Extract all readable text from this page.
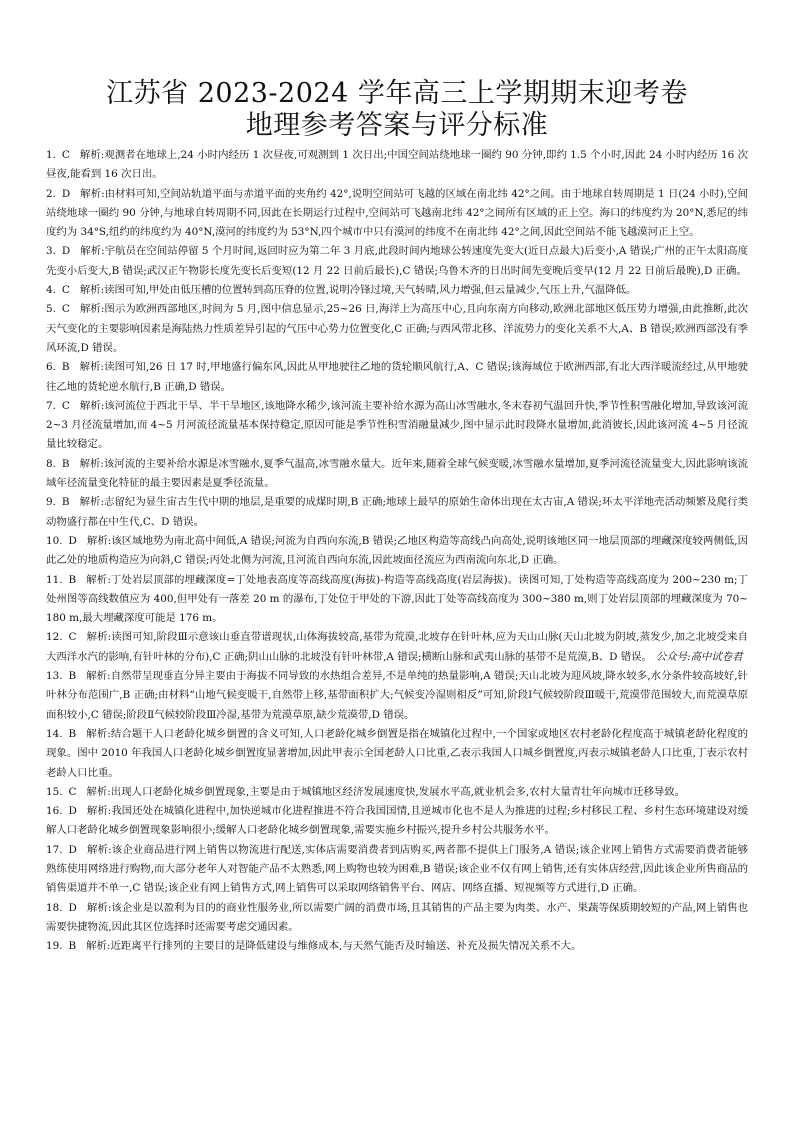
江苏省 2023-2024 学年高三上学期期末迎考卷
地理参考答案与评分标准

1. C 解析:观测者在地球上,24 小时内经历 1 次昼夜,可观测到 1 次日出;中国空间站绕地球一圈约 90 分钟,即约 1.5 个小时,因此 24 小时内经历 16 次昼夜,能看到 16 次日出。

2. D 解析:由材料可知,空间站轨道平面与赤道平面的夹角约 42°,说明空间站可飞越的区域在南北纬 42°之间。由于地球自转周期是 1 日(24 小时),空间站绕地球一圈约 90 分钟,与地球自转周期不同,因此在长期运行过程中,空间站可飞越南北纬 42°之间所有区域的正上空。海口的纬度约为 20°N,悉尼的纬度约为 34°S,纽约的纬度约为 40°N,漠河的纬度约为 53°N,四个城市中只有漠河的纬度不在南北纬 42°之间,因此空间站不能飞越漠河正上空。

3. D 解析:宇航员在空间站停留 5 个月时间,返回时应为第二年 3 月底,此段时间内地球公转速度先变大(近日点最大)后变小,A 错误;广州的正午太阳高度先变小后变大,B 错误;武汉正午物影长度先变长后变短(12 月 22 日前后最长),C 错误;乌鲁木齐的日出时间先变晚后变早(12 月 22 日前后最晚),D 正确。

4. C 解析:读图可知,甲处由低压槽的位置转到高压脊的位置,说明冷锋过境,天气转晴,风力增强,但云量减少,气压上升,气温降低。

5. C 解析:图示为欧洲西部地区,时间为 5 月,图中信息显示,25~26 日,海洋上为高压中心,且向东南方向移动,欧洲北部地区低压势力增强,由此推断,此次天气变化的主要影响因素是海陆热力性质差异引起的气压中心势力位置变化,C 正确;与西风带北移、洋流势力的变化关系不大,A、B 错误;欧洲西部没有季风环流,D 错误。

6. B 解析:读图可知,26 日 17 时,甲地盛行偏东风,因此从甲地驶往乙地的货轮顺风航行,A、C 错误;该海域位于欧洲西部,有北大西洋暖流经过,从甲地驶往乙地的货轮逆水航行,B 正确,D 错误。

7. C 解析:该河流位于西北干旱、半干旱地区,该地降水稀少,该河流主要补给水源为高山冰雪融水,冬末春初气温回升快,季节性积雪融化增加,导致该河流 2~3 月径流量增加,而 4~5 月河流径流量基本保持稳定,原因可能是季节性积雪消融量减少,图中显示此时段降水量增加,此消彼长,因此该河流 4~5 月径流量比较稳定。

8. B 解析:该河流的主要补给水源是冰雪融水,夏季气温高,冰雪融水量大。近年来,随着全球气候变暖,冰雪融水量增加,夏季河流径流量变大,因此影响该流域年径流量变化特征的最主要因素是夏季径流量。

9. B 解析:志留纪为显生宙古生代中期的地层,是重要的成煤时期,B 正确;地球上最早的原始生命体出现在太古宙,A 错误;环太平洋地壳活动频繁及爬行类动物盛行都在中生代,C、D 错误。

10. D 解析:该区域地势为南北高中间低,A 错误;河流为自西向东流,B 错误;乙地区构造等高线凸向高处,说明该地区同一地层顶部的埋藏深度较两侧低,因此乙处的地质构造应为向斜,C 错误;丙处北侧为河流,且河流自西向东流,因此坡面径流应为西南流向东北,D 正确。

11. B 解析:丁处岩层顶部的埋藏深度=丁处地表高度等高线高度(海拔)-构造等高线高度(岩层海拔)。读图可知,丁处构造等高线高度为 200~230 m;丁处州图等高线数值应为 400,但甲处有一落差 20 m 的瀑布,丁处位于甲处的下游,因此丁处等高线高度为 300~380 m,则丁处岩层顶部的埋藏深度为 70~180 m,最大埋藏深度可能是 176 m。

12. C 解析:读图可知,阶段Ⅲ示意该山垂直带谱现状,山体海拔较高,基带为荒漠,北坡存在针叶林,应为天山山脉(天山北坡为阴坡,蒸发少,加之北坡受来自大西洋水汽的影响,有针叶林的分布),C 正确;阴山山脉的北坡没有针叶林带,A 错误;横断山脉和武夷山脉的基带不是荒漠,B、D 错误。 公众号:高中试卷君

13. B 解析:自然带呈现垂直分异主要由于海拔不同导致的水热组合差异,不是单纯的热量影响,A 错误;天山北坡为迎风坡,降水较多,水分条件较高坡好,针叶林分布范围广,B 正确;由材料“山地气候变暖干,自然带上移,基带面积扩大;气候变冷湿则相反”可知,阶段Ⅰ气候较阶段Ⅲ暖干,荒漠带范围较大,而荒漠草原面积较小,C 错误;阶段Ⅱ气候较阶段Ⅲ冷湿,基带为荒漠草原,缺少荒漠带,D 错误。

14. B 解析:结合题干人口老龄化城乡倒置的含义可知,人口老龄化城乡倒置是指在城镇化过程中,一个国家或地区农村老龄化程度高于城镇老龄化程度的现象。图中 2010 年我国人口老龄化城乡倒置度显著增加,因此甲表示全国老龄人口比重,乙表示我国人口城乡倒置度,丙表示城镇老龄人口比重,丁表示农村老龄人口比重。

15. C 解析:出现人口老龄化城乡倒置现象,主要是由于城镇地区经济发展速度快,发展水平高,就业机会多,农村大量青壮年向城市迁移导致。

16. D 解析:我国还处在城镇化进程中,加快逆城市化进程推进不符合我国国情,且逆城市化也不是人为推进的过程;乡村移民工程、乡村生态环境建设对缓解人口老龄化城乡倒置现象影响很小;缓解人口老龄化城乡倒置现象,需要实施乡村振兴,提升乡村公共服务水平。

17. D 解析:该企业商品进行网上销售以物流进行配送,实体店需要消费者到店购买,两者都不提供上门服务,A 错误;该企业网上销售方式需要消费者能够熟练使用网络进行购物,而大部分老年人对智能产品不太熟悉,网上购物也较为困难,B 错误;该企业不仅有网上销售,还有实体店经营,因此该企业所售商品的销售渠道并不单一,C 错误;该企业有网上销售方式,网上销售可以采取网络销售平台、网店、网络直播、短视频等方式进行,D 正确。

18. D 解析:该企业是以盈利为目的的商业性服务业,所以需要广阔的消费市场,且其销售的产品主要为肉类、水产、果蔬等保质期较短的产品,网上销售也需要快捷物流,因此其区位选择时还需要考虑交通因素。

19. B 解析:近距离平行排列的主要目的是降低建设与维修成本,与天然气能否及时输送、补充及损失情况关系不大。
